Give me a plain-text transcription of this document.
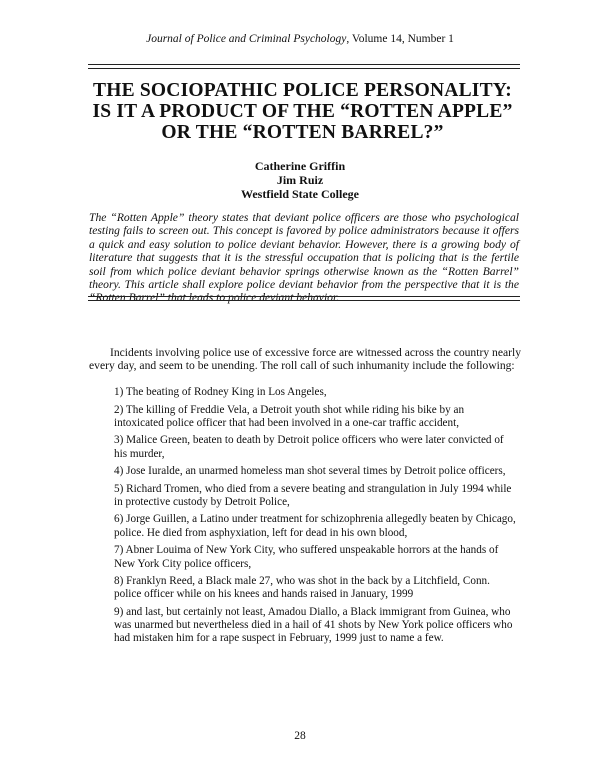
Journal of Police and Criminal Psychology, Volume 14, Number 1
THE SOCIOPATHIC POLICE PERSONALITY:
IS IT A PRODUCT OF THE “ROTTEN APPLE”
OR THE “ROTTEN BARREL?”
Catherine Griffin
Jim Ruiz
Westfield State College
The “Rotten Apple” theory states that deviant police officers are those who psychological testing fails to screen out. This concept is favored by police administrators because it offers a quick and easy solution to police deviant behavior. However, there is a growing body of literature that suggests that it is the stressful occupation that is policing that is the fertile soil from which police deviant behavior springs otherwise known as the “Rotten Barrel” theory. This article shall explore police deviant behavior from the perspective that it is the “Rotten Barrel” that leads to police deviant behavior.

Incidents involving police use of excessive force are witnessed across the country nearly every day, and seem to be unending. The roll call of such inhumanity include the following:

1) The beating of Rodney King in Los Angeles,
2) The killing of Freddie Vela, a Detroit youth shot while riding his bike by an intoxicated police officer that had been involved in a one-car traffic accident,
3) Malice Green, beaten to death by Detroit police officers who were later convicted of his murder,
4) Jose Iuralde, an unarmed homeless man shot several times by Detroit police officers,
5) Richard Tromen, who died from a severe beating and strangulation in July 1994 while in protective custody by Detroit Police,
6) Jorge Guillen, a Latino under treatment for schizophrenia allegedly beaten by Chicago, police. He died from asphyxiation, left for dead in his own blood,
7) Abner Louima of New York City, who suffered unspeakable horrors at the hands of New York City police officers,
8) Franklyn Reed, a Black male 27, who was shot in the back by a Litchfield, Conn. police officer while on his knees and hands raised in January, 1999
9) and last, but certainly not least, Amadou Diallo, a Black immigrant from Guinea, who was unarmed but nevertheless died in a hail of 41 shots by New York police officers who had mistaken him for a rape suspect in February, 1999 just to name a few.
28
